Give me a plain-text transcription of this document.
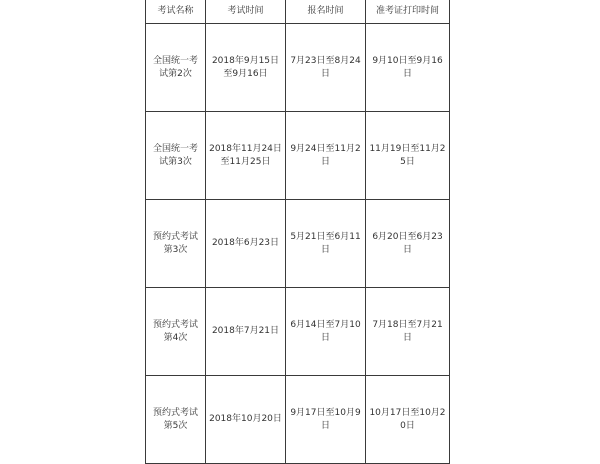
考试名称	考试时间	报名时间	准考证打印时间
全国统一考试第2次	2018年9月15日至9月16日	7月23日至8月24日	9月10日至9月16日
全国统一考试第3次	2018年11月24日至11月25日	9月24日至11月2日	11月19日至11月25日
预约式考试第3次	2018年6月23日	5月21日至6月11日	6月20日至6月23日
预约式考试第4次	2018年7月21日	6月14日至7月10日	7月18日至7月21日
预约式考试第5次	2018年10月20日	9月17日至10月9日	10月17日至10月20日
